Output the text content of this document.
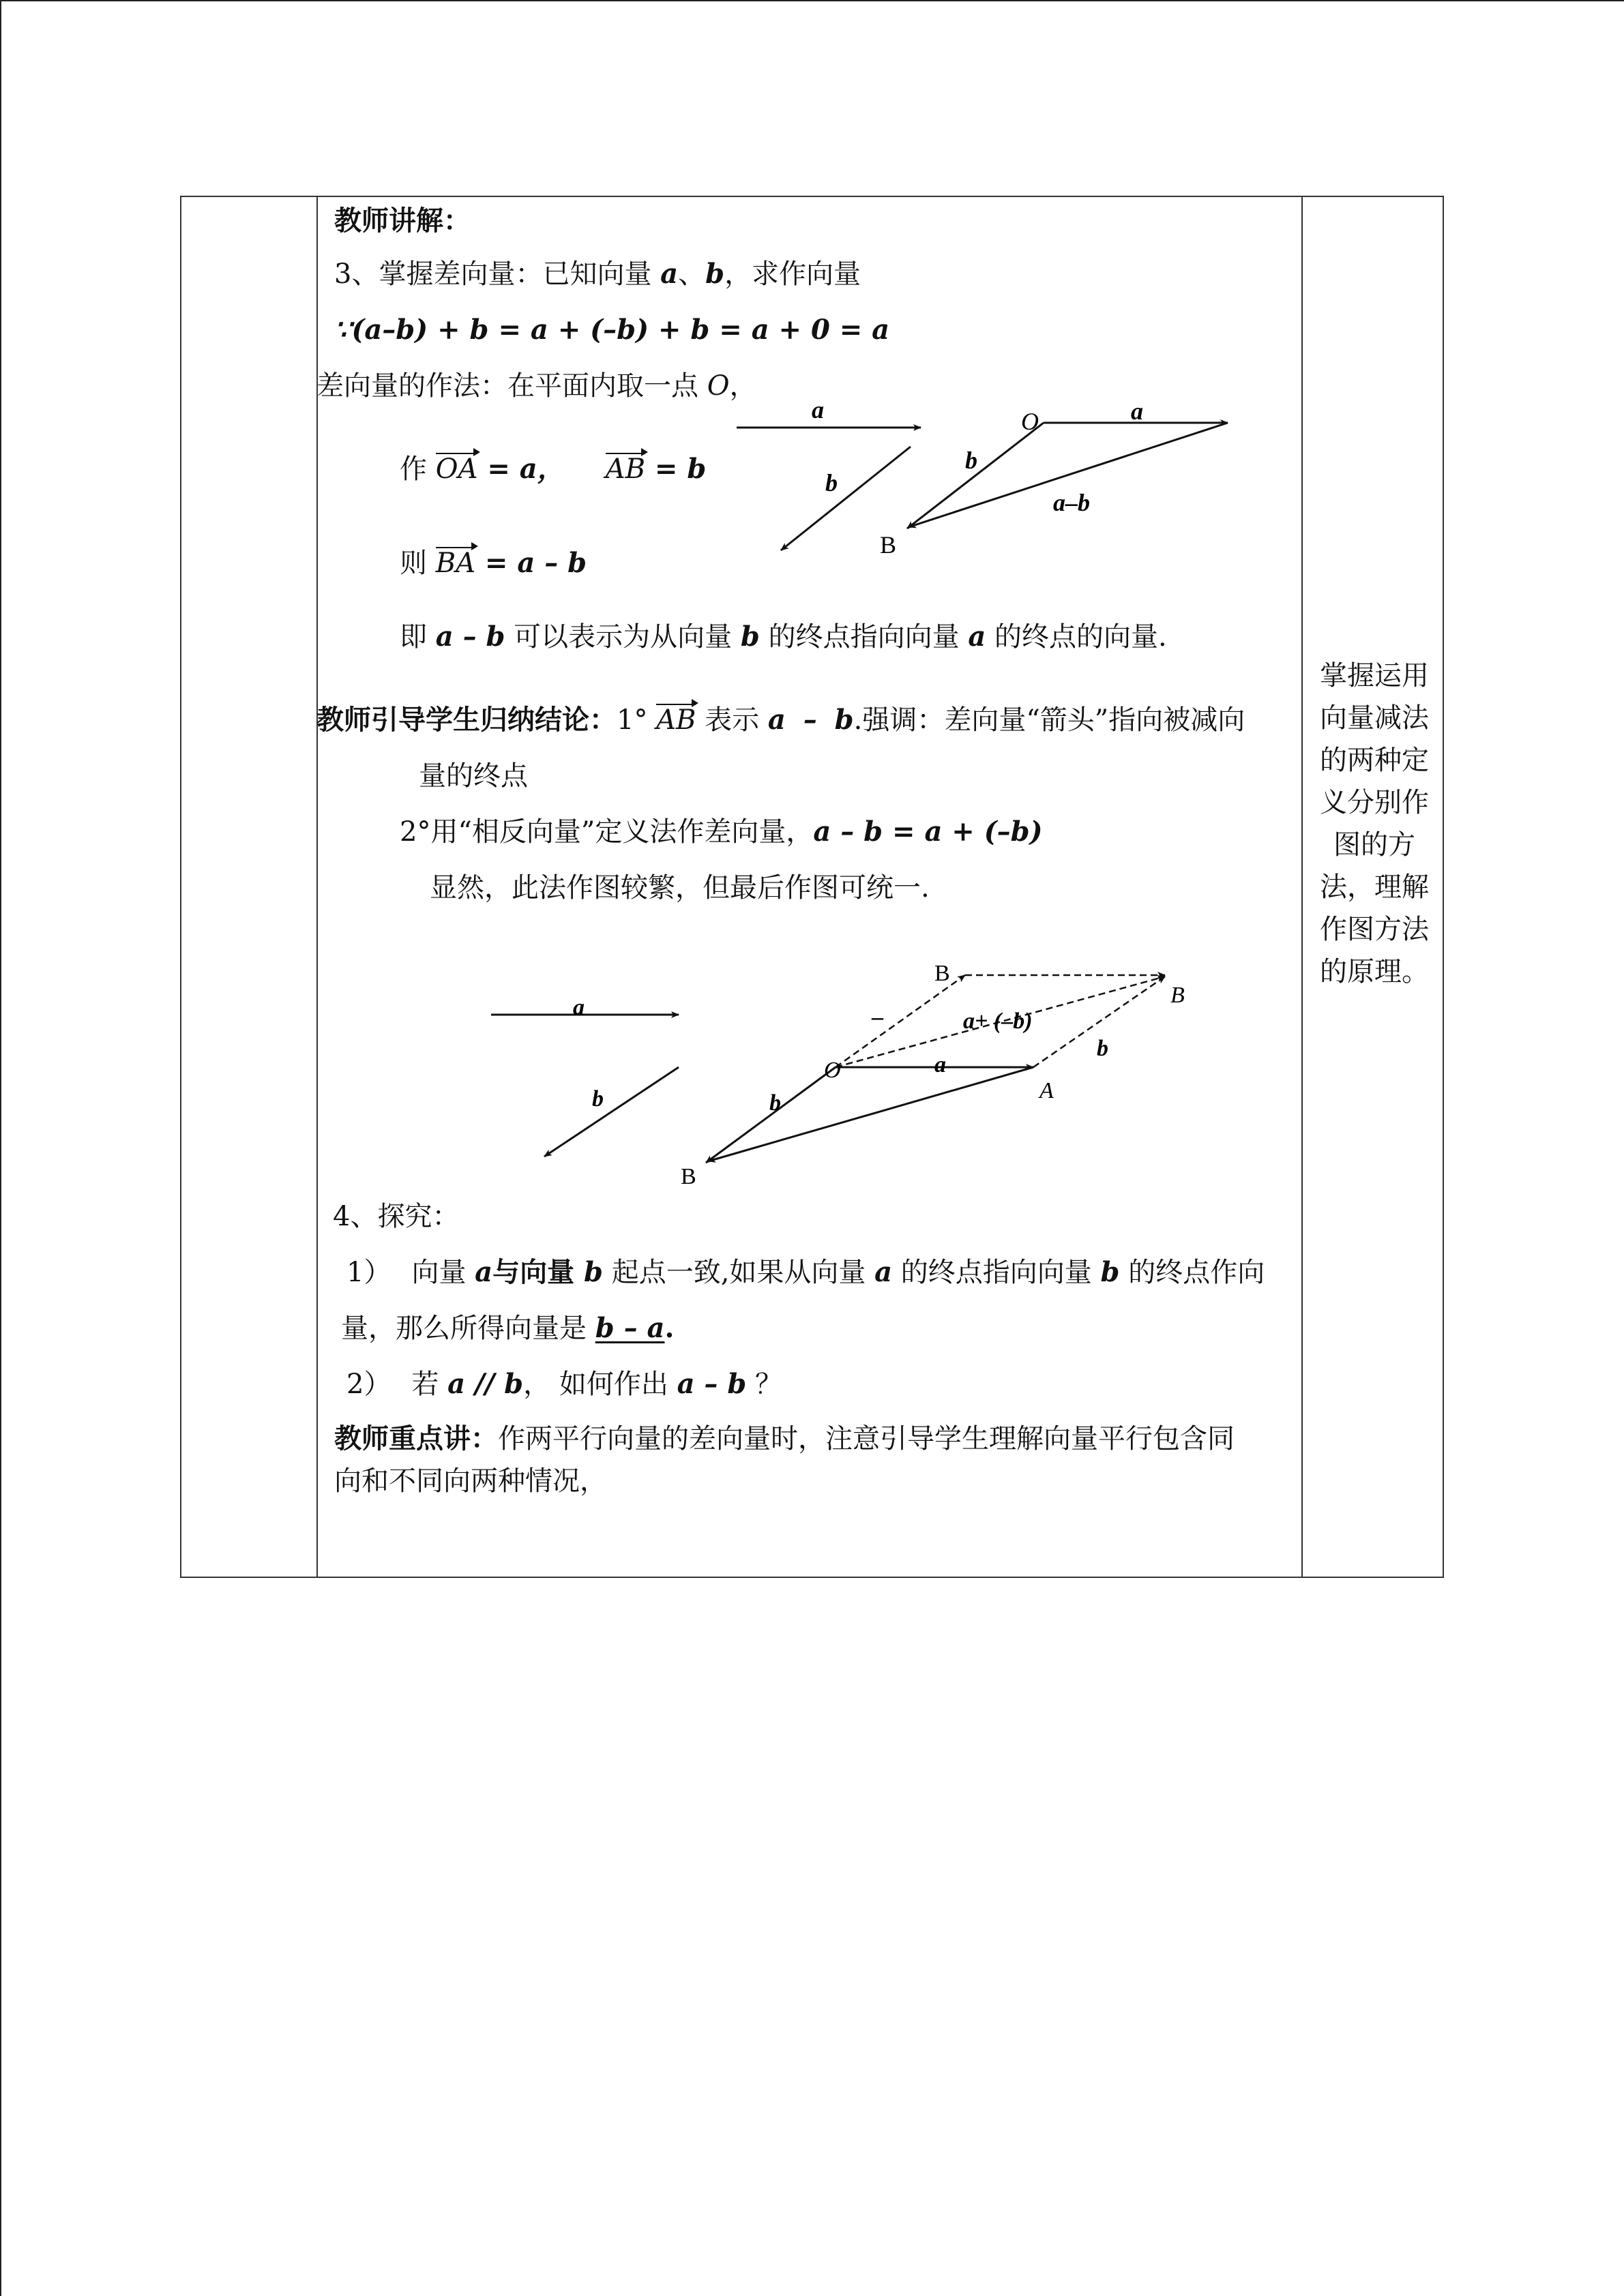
教师讲解：
3、掌握差向量：已知向量 a、b，求作向量
∵(a–b) + b = a + (–b) + b = a + 0 = a
差向量的作法：在平面内取一点 O，
作 OA = a， AB = b
则 BA = a – b
即 a – b 可以表示为从向量 b 的终点指向向量 a 的终点的向量.
教师引导学生归纳结论：1° AB 表示 a – b.强调：差向量“箭头”指向被减向
量的终点
2°用“相反向量”定义法作差向量，a – b = a + (–b)
显然，此法作图较繁，但最后作图可统一.
a
b
O	a
b
B
a–b
a
b
B
–	a+ (–b)
B
b
O	a
A
b
B
4、探究：
1） 向量 a与向量 b 起点一致,如果从向量 a 的终点指向向量 b 的终点作向
量，那么所得向量是 b – a.
2） 若 a // b， 如何作出 a – b ？
教师重点讲：作两平行向量的差向量时，注意引导学生理解向量平行包含同
向和不同向两种情况，
掌握运用向量减法的两种定义分别作图的方法，理解作图方法的原理。
